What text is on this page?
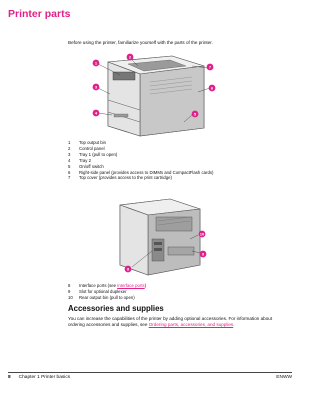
Printer parts
Before using the printer, familiarize yourself with the parts of the printer.
1
2
3
4	5
6
7
1	Top output bin
2	Control panel
3	Tray 1 (pull to open)
4	Tray 2
5	On/off switch
6	Right-side panel (provides access to DIMMs and CompactFlash cards)
7	Top cover (provides access to the print cartridge)
8
9
10
8	Interface ports (see Interface ports)
9	Slot for optional duplexer
10	Rear output bin (pull to open)
Accessories and supplies
You can increase the capabilities of the printer by adding optional accessories. For information about ordering accessories and supplies, see Ordering parts, accessories, and supplies.
8 Chapter 1 Printer basics	ENWW
